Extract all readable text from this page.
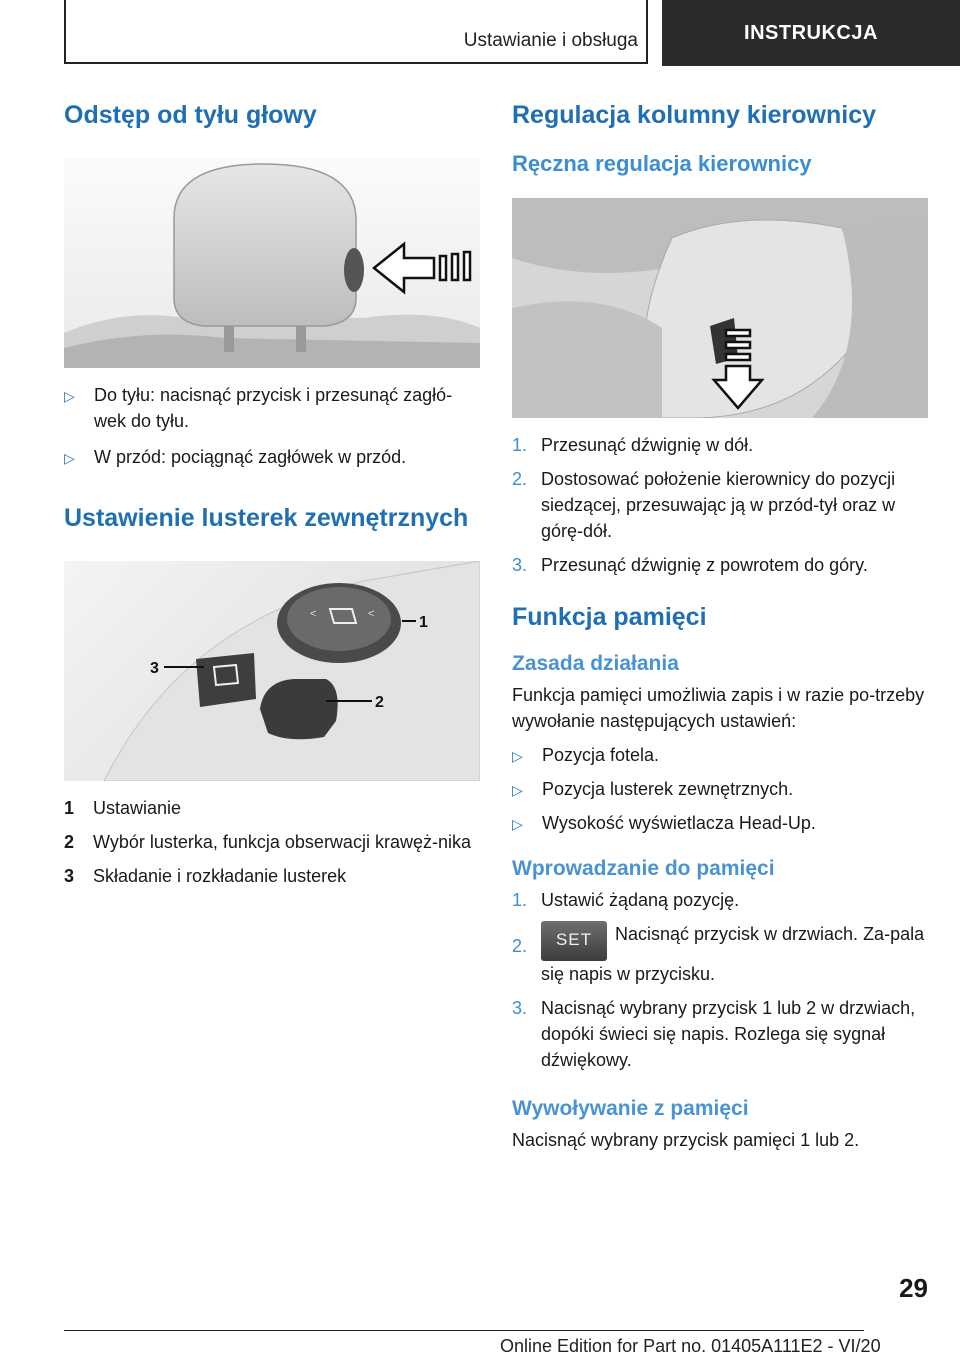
Ustawianie i obsługa	INSTRUKCJA
Odstęp od tyłu głowy
▷	Do tyłu: nacisnąć przycisk i przesunąć zagłó-wek do tyłu.
▷	W przód: pociągnąć zagłówek w przód.
Ustawienie lusterek zewnętrznych
<	<	1
2
3
1	Ustawianie
2	Wybór lusterka, funkcja obserwacji krawęż-nika
3	Składanie i rozkładanie lusterek
Regulacja kolumny kierownicy
Ręczna regulacja kierownicy
1. Przesunąć dźwignię w dół.
2. Dostosować położenie kierownicy do pozycji siedzącej, przesuwając ją w przód-tył oraz w górę-dół.
3. Przesunąć dźwignię z powrotem do góry.
Funkcja pamięci
Zasada działania

Funkcja pamięci umożliwia zapis i w razie po-trzeby wywołanie następujących ustawień:

▷	Pozycja fotela.
▷	Pozycja lusterek zewnętrznych.
▷	Wysokość wyświetlacza Head-Up.
Wprowadzanie do pamięci
1. Ustawić żądaną pozycję.
2.	SET Nacisnąć przycisk w drzwiach. Za-pala się napis w przycisku.
3. Nacisnąć wybrany przycisk 1 lub 2 w drzwiach, dopóki świeci się napis. Rozlega się sygnał dźwiękowy.
Wywoływanie z pamięci

Nacisnąć wybrany przycisk pamięci 1 lub 2.

29
Online Edition for Part no. 01405A111E2 - VI/20
